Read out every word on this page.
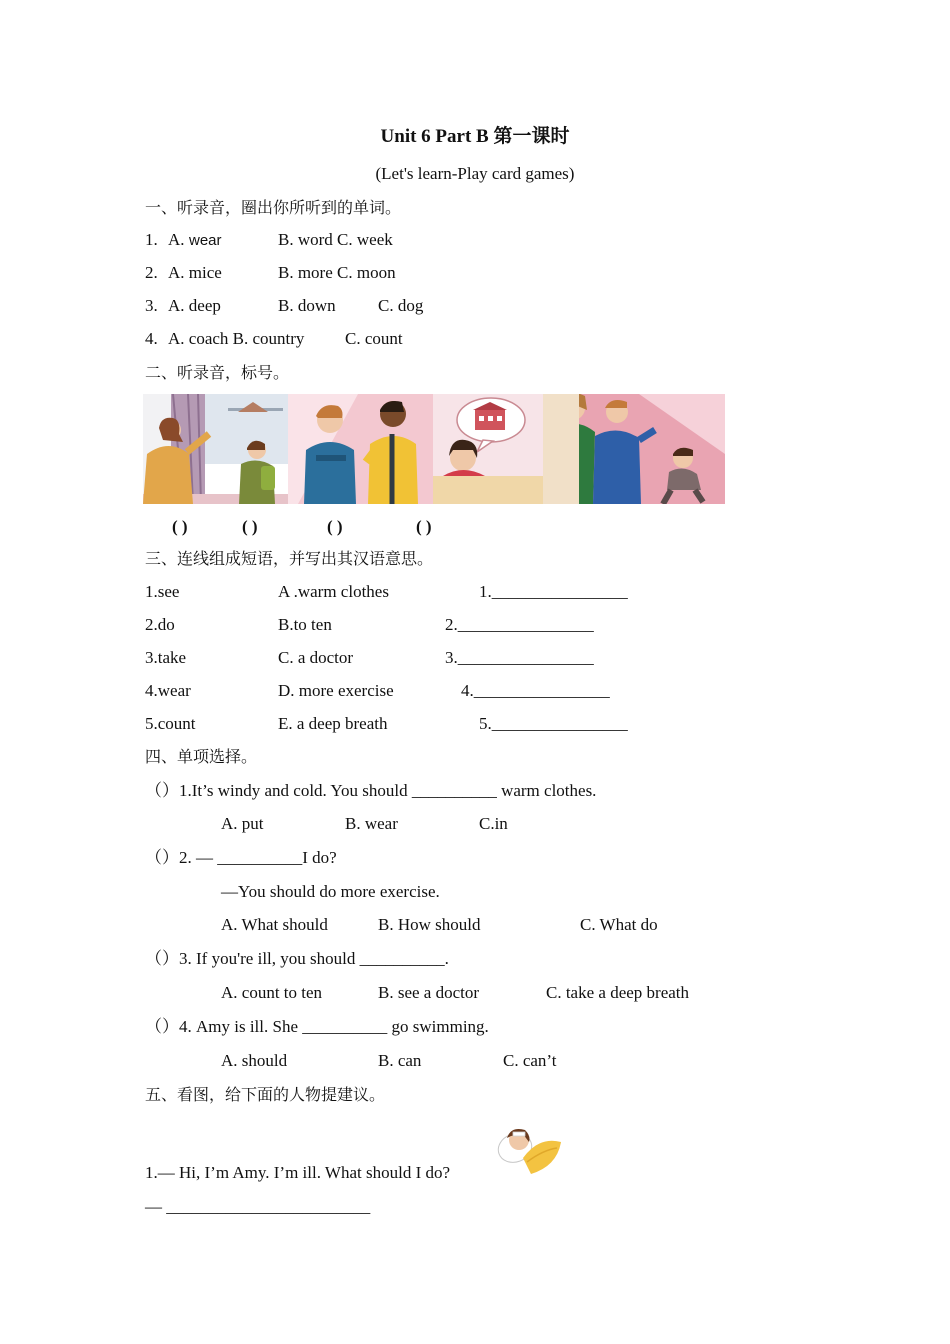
Unit 6 Part B 第一课时
(Let's learn-Play card games)
一、听录音，圈出你所听到的单词。
1. A. wear	B. word C. week
2. A. mice	B. more C. moon
3. A. deep	B. down C. dog
4. A. coach B. country C. count
二、听录音，标号。
( )	( )	( )	( )
三、连线组成短语，并写出其汉语意思。
1.see	A .warm clothes	1.________________
2.do	B.to ten	2.________________
3.take	C. a doctor	3.________________
4.wear	D. more exercise	4.________________
5.count	E. a deep breath	5.________________
四、单项选择。
（）1.It’s windy and cold. You should __________ warm clothes.
A. put	B. wear	C.in
（）2. — __________I do?
—You should do more exercise.
A. What should	B. How should	C. What do
（）3. If you're ill, you should __________.
A. count to ten	B. see a doctor	C. take a deep breath
（）4. Amy is ill. She __________ go swimming.
A. should	B. can	C. can’t
五、看图，给下面的人物提建议。
1.— Hi, I’m Amy. I’m ill. What should I do?
— ________________________
